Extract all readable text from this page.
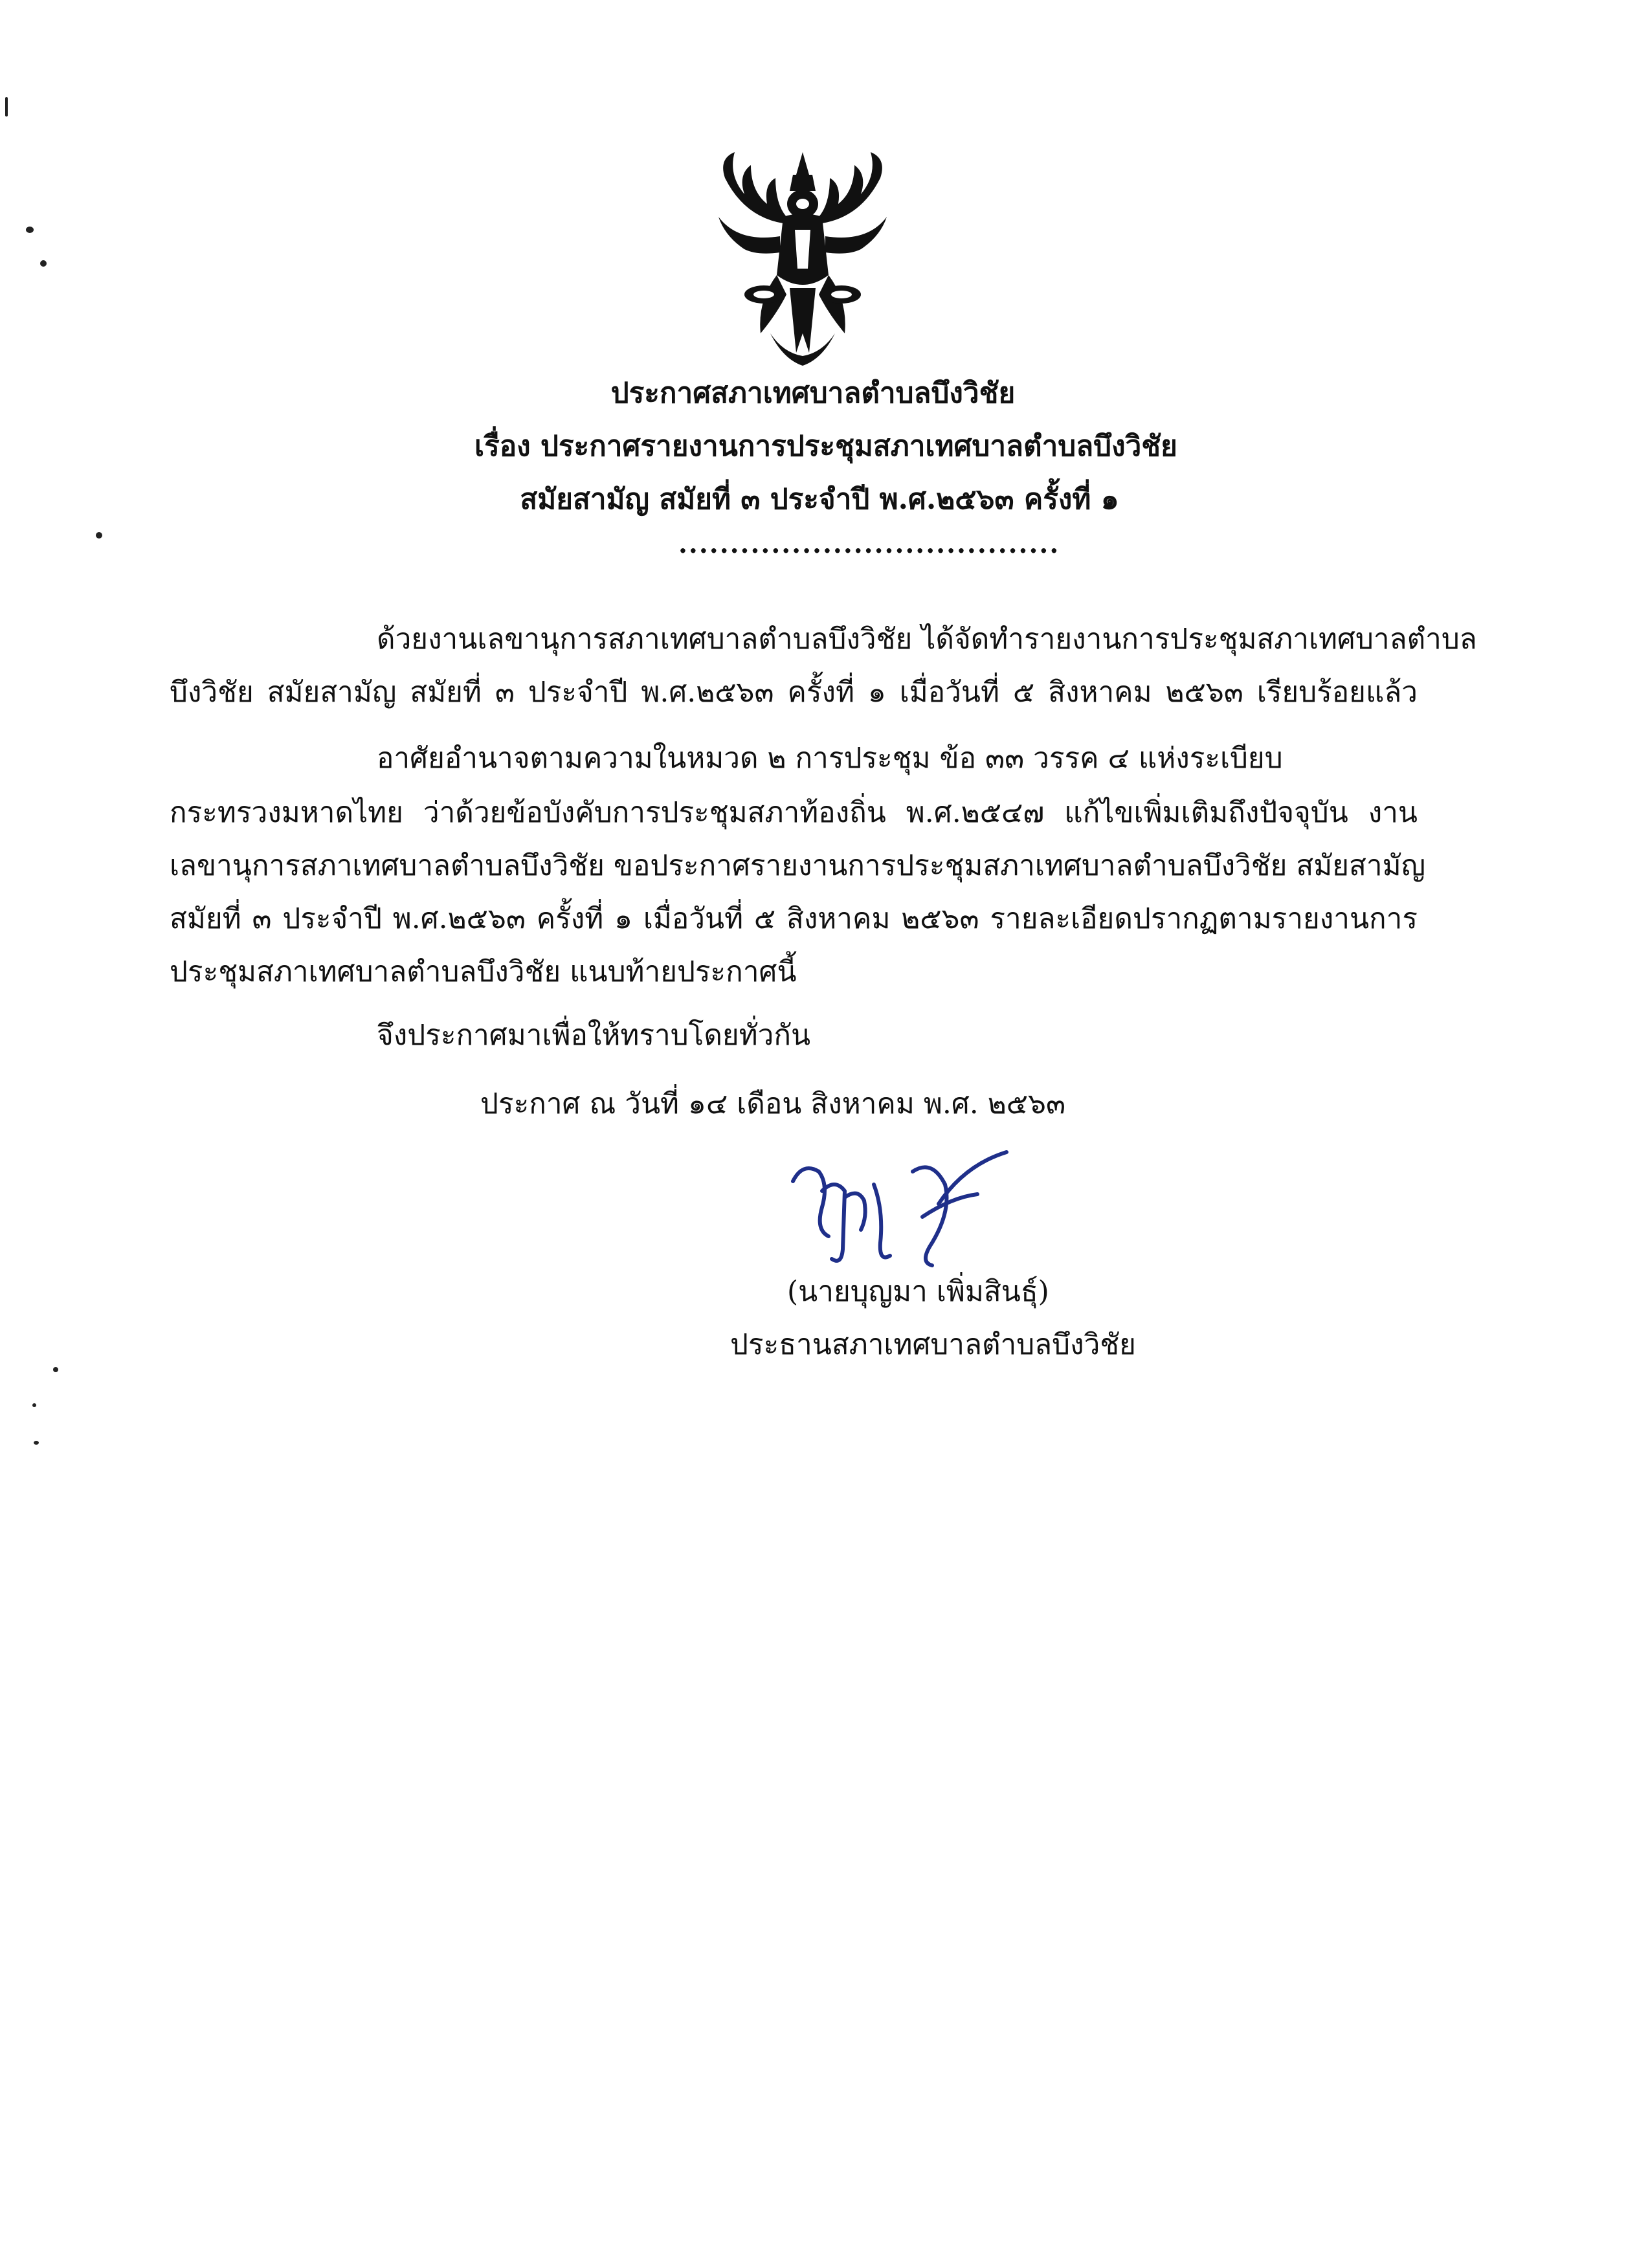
ประกาศสภาเทศบาลตำบลบึงวิชัย
เรื่อง ประกาศรายงานการประชุมสภาเทศบาลตำบลบึงวิชัย
สมัยสามัญ สมัยที่ ๓ ประจำปี พ.ศ.๒๕๖๓ ครั้งที่ ๑
.....................................
ด้วยงานเลขานุการสภาเทศบาลตำบลบึงวิชัย ได้จัดทำรายงานการประชุมสภาเทศบาลตำบล
บึงวิชัย สมัยสามัญ สมัยที่ ๓ ประจำปี พ.ศ.๒๕๖๓ ครั้งที่ ๑ เมื่อวันที่ ๕ สิงหาคม ๒๕๖๓ เรียบร้อยแล้ว
อาศัยอำนาจตามความในหมวด ๒ การประชุม ข้อ ๓๓ วรรค ๔ แห่งระเบียบ
กระทรวงมหาดไทย ว่าด้วยข้อบังคับการประชุมสภาท้องถิ่น พ.ศ.๒๕๔๗ แก้ไขเพิ่มเติมถึงปัจจุบัน งาน
เลขานุการสภาเทศบาลตำบลบึงวิชัย ขอประกาศรายงานการประชุมสภาเทศบาลตำบลบึงวิชัย สมัยสามัญ
สมัยที่ ๓ ประจำปี พ.ศ.๒๕๖๓ ครั้งที่ ๑ เมื่อวันที่ ๕ สิงหาคม ๒๕๖๓ รายละเอียดปรากฏตามรายงานการ
ประชุมสภาเทศบาลตำบลบึงวิชัย แนบท้ายประกาศนี้
จึงประกาศมาเพื่อให้ทราบโดยทั่วกัน
ประกาศ ณ วันที่ ๑๔ เดือน สิงหาคม พ.ศ. ๒๕๖๓
(นายบุญมา เพิ่มสินธุ์)
ประธานสภาเทศบาลตำบลบึงวิชัย
